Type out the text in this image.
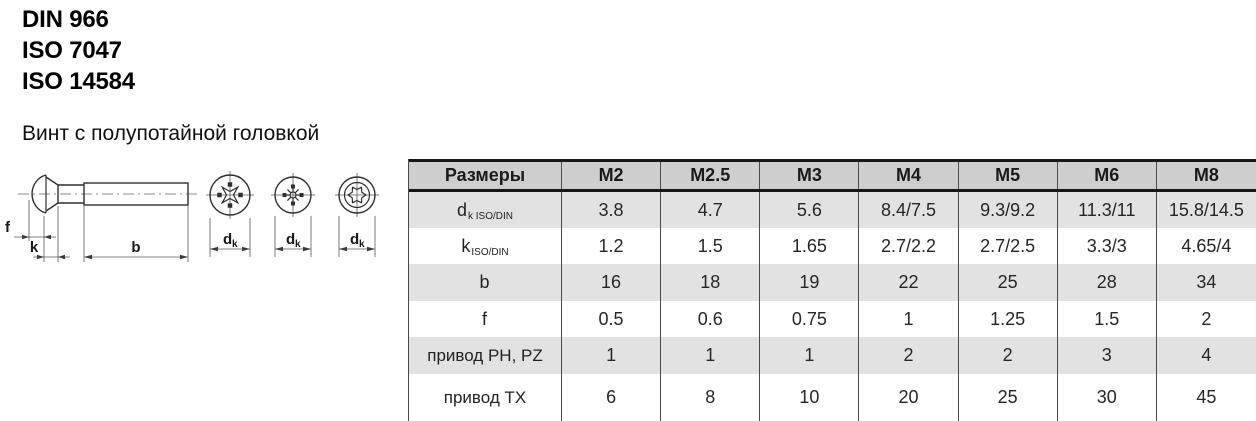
DIN 966
ISO 7047
ISO 14584
Винт с полупотайной головкой
f
k	b	d k	d k	d k
Размеры	M2	M2.5	M3	M4	M5	M6	M8
d k ISO/DIN	3.8	4.7	5.6	8.4/7.5	9.3/9.2	11.3/11	15.8/14.5
k ISO/DIN	1.2	1.5	1.65	2.7/2.2	2.7/2.5	3.3/3	4.65/4
b	16	18	19	22	25	28	34
f	0.5	0.6	0.75	1	1.25	1.5	2
привод PH, PZ	1	1	1	2	2	3	4
привод TX	6	8	10	20	25	30	45
